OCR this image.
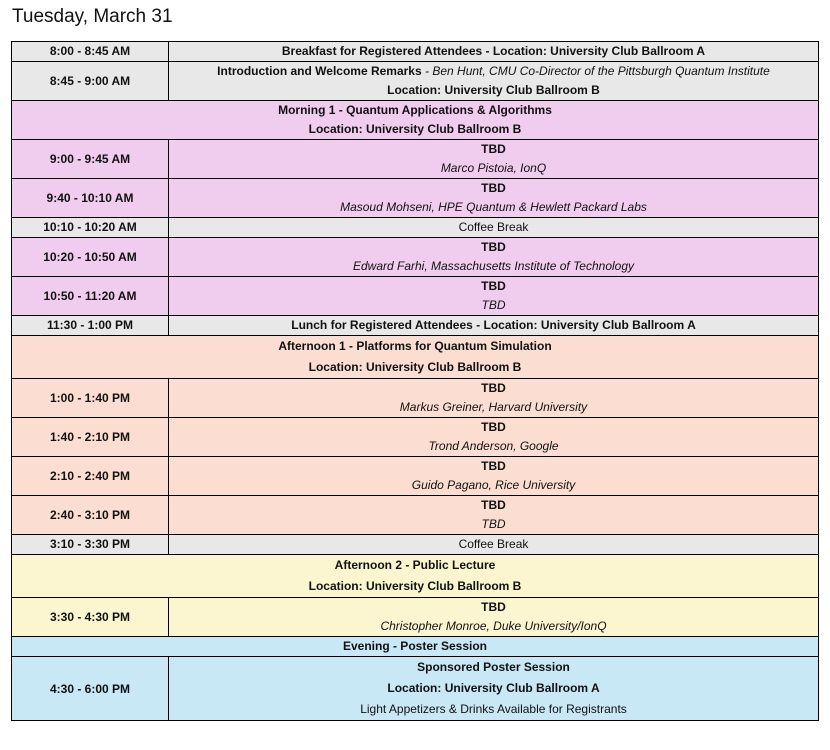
Tuesday, March 31
8:00 - 8:45 AM	Breakfast for Registered Attendees - Location: University Club Ballroom A

8:45 - 9:00 AM	Introduction and Welcome Remarks - Ben Hunt, CMU Co-Director of the Pittsburgh Quantum Institute
Location: University Club Ballroom B

Morning 1 - Quantum Applications & Algorithms
Location: University Club Ballroom B	

9:00 - 9:45 AM	TBD
Marco Pistoia, IonQ

9:40 - 10:10 AM	TBD
Masoud Mohseni, HPE Quantum & Hewlett Packard Labs

10:10 - 10:20 AM	Coffee Break

10:20 - 10:50 AM	TBD
Edward Farhi, Massachusetts Institute of Technology

10:50 - 11:20 AM	TBD
TBD

11:30 - 1:00 PM	Lunch for Registered Attendees - Location: University Club Ballroom A

Afternoon 1 - Platforms for Quantum Simulation
Location: University Club Ballroom B	

1:00 - 1:40 PM	TBD
Markus Greiner, Harvard University

1:40 - 2:10 PM	TBD
Trond Anderson, Google

2:10 - 2:40 PM	TBD
Guido Pagano, Rice University

2:40 - 3:10 PM	TBD
TBD

3:10 - 3:30 PM	Coffee Break

Afternoon 2 - Public Lecture
Location: University Club Ballroom B	

3:30 - 4:30 PM	TBD
Christopher Monroe, Duke University/IonQ

Evening - Poster Session	

4:30 - 6:00 PM	Sponsored Poster Session
Location: University Club Ballroom A
Light Appetizers & Drinks Available for Registrants
